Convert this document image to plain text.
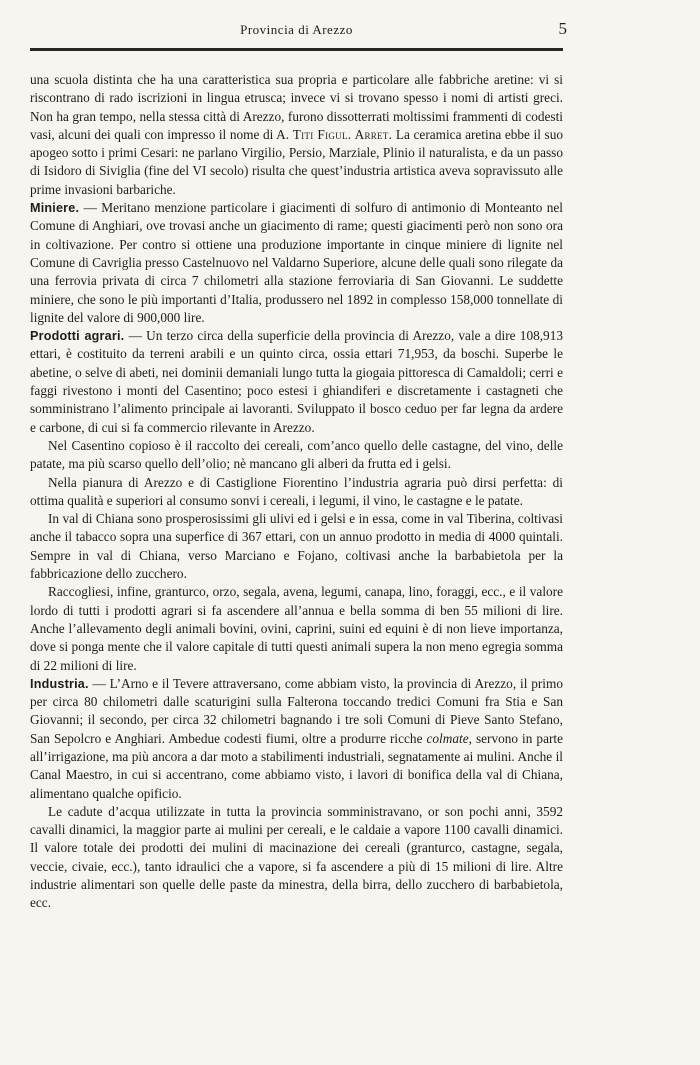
Provincia di Arezzo	5

una scuola distinta che ha una caratteristica sua propria e particolare alle fabbriche aretine: vi si riscontrano di rado iscrizioni in lingua etrusca; invece vi si trovano spesso i nomi di artisti greci. Non ha gran tempo, nella stessa città di Arezzo, furono dissotterrati moltissimi frammenti di codesti vasi, alcuni dei quali con impresso il nome di A. Titi Figul. Arret. La ceramica aretina ebbe il suo apogeo sotto i primi Cesari: ne parlano Virgilio, Persio, Marziale, Plinio il naturalista, e da un passo di Isidoro di Siviglia (fine del VI secolo) risulta che quest’industria artistica aveva sopravissuto alle prime invasioni barbariche.

Miniere. — Meritano menzione particolare i giacimenti di solfuro di antimonio di Monteanto nel Comune di Anghiari, ove trovasi anche un giacimento di rame; questi giacimenti però non sono ora in coltivazione. Per contro si ottiene una produzione importante in cinque miniere di lignite nel Comune di Cavriglia presso Castelnuovo nel Valdarno Superiore, alcune delle quali sono rilegate da una ferrovia privata di circa 7 chilometri alla stazione ferroviaria di San Giovanni. Le suddette miniere, che sono le più importanti d’Italia, produssero nel 1892 in complesso 158,000 tonnellate di lignite del valore di 900,000 lire.

Prodotti agrari. — Un terzo circa della superficie della provincia di Arezzo, vale a dire 108,913 ettari, è costituito da terreni arabili e un quinto circa, ossia ettari 71,953, da boschi. Superbe le abetine, o selve di abeti, nei dominii demaniali lungo tutta la giogaia pittoresca di Camaldoli; cerri e faggi rivestono i monti del Casentino; poco estesi i ghiandiferi e discretamente i castagneti che somministrano l’alimento principale ai lavoranti. Sviluppato il bosco ceduo per far legna da ardere e carbone, di cui si fa commercio rilevante in Arezzo.

Nel Casentino copioso è il raccolto dei cereali, com’anco quello delle castagne, del vino, delle patate, ma più scarso quello dell’olio; nè mancano gli alberi da frutta ed i gelsi.

Nella pianura di Arezzo e di Castiglione Fiorentino l’industria agraria può dirsi perfetta: di ottima qualità e superiori al consumo sonvi i cereali, i legumi, il vino, le castagne e le patate.

In val di Chiana sono prosperosissimi gli ulivi ed i gelsi e in essa, come in val Tiberina, coltivasi anche il tabacco sopra una superfice di 367 ettari, con un annuo prodotto in media di 4000 quintali. Sempre in val di Chiana, verso Marciano e Fojano, coltivasi anche la barbabietola per la fabbricazione dello zucchero.

Raccogliesi, infine, granturco, orzo, segala, avena, legumi, canapa, lino, foraggi, ecc., e il valore lordo di tutti i prodotti agrari si fa ascendere all’annua e bella somma di ben 55 milioni di lire. Anche l’allevamento degli animali bovini, ovini, caprini, suini ed equini è di non lieve importanza, dove si ponga mente che il valore capitale di tutti questi animali supera la non meno egregia somma di 22 milioni di lire.

Industria. — L’Arno e il Tevere attraversano, come abbiam visto, la provincia di Arezzo, il primo per circa 80 chilometri dalle scaturigini sulla Falterona toccando tredici Comuni fra Stia e San Giovanni; il secondo, per circa 32 chilometri bagnando i tre soli Comuni di Pieve Santo Stefano, San Sepolcro e Anghiari. Ambedue codesti fiumi, oltre a produrre ricche colmate, servono in parte all’irrigazione, ma più ancora a dar moto a stabilimenti industriali, segnatamente ai mulini. Anche il Canal Maestro, in cui si accentrano, come abbiamo visto, i lavori di bonifica della val di Chiana, alimentano qualche opificio.

Le cadute d’acqua utilizzate in tutta la provincia somministravano, or son pochi anni, 3592 cavalli dinamici, la maggior parte ai mulini per cereali, e le caldaie a vapore 1100 cavalli dinamici. Il valore totale dei prodotti dei mulini di macinazione dei cereali (granturco, castagne, segala, veccie, civaie, ecc.), tanto idraulici che a vapore, si fa ascendere a più di 15 milioni di lire. Altre industrie alimentari son quelle delle paste da minestra, della birra, dello zucchero di barbabietola, ecc.
